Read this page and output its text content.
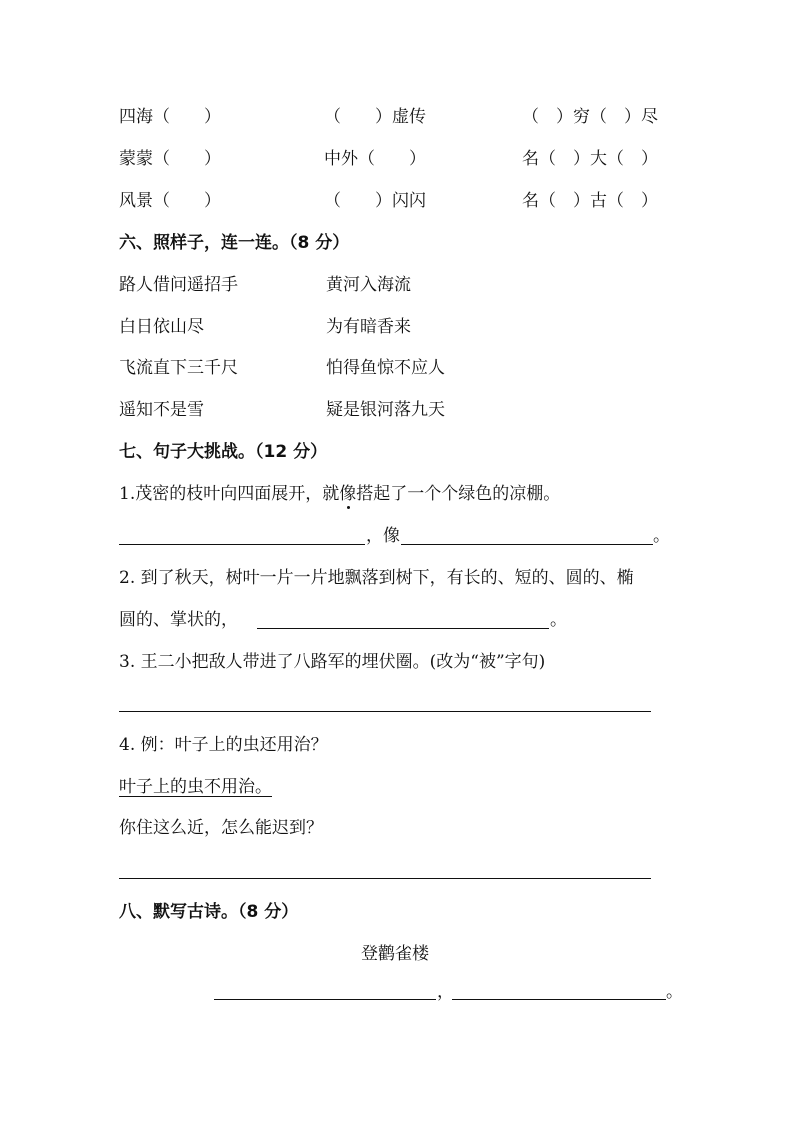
四海（　　）	（　　）虚传	（　）穷（　）尽
蒙蒙（　　）	中外（　　）	名（　）大（　）
风景（　　）	（　　）闪闪	名（　）古（　）
六、照样子，连一连。（8 分）
路人借问遥招手	黄河入海流
白日依山尽	为有暗香来
飞流直下三千尺	怕得鱼惊不应人
遥知不是雪	疑是银河落九天
七、句子大挑战。（12 分）
1.茂密的枝叶向四面展开，就像搭起了一个个绿色的凉棚。
，像	。
2. 到了秋天，树叶一片一片地飘落到树下，有长的、短的、圆的、椭
圆的、掌状的，	。
3. 王二小把敌人带进了八路军的埋伏圈。(改为“被”字句)
4. 例：叶子上的虫还用治？
叶子上的虫不用治。
你住这么近，怎么能迟到？
八、默写古诗。（8 分）
登鹳雀楼
，	。
